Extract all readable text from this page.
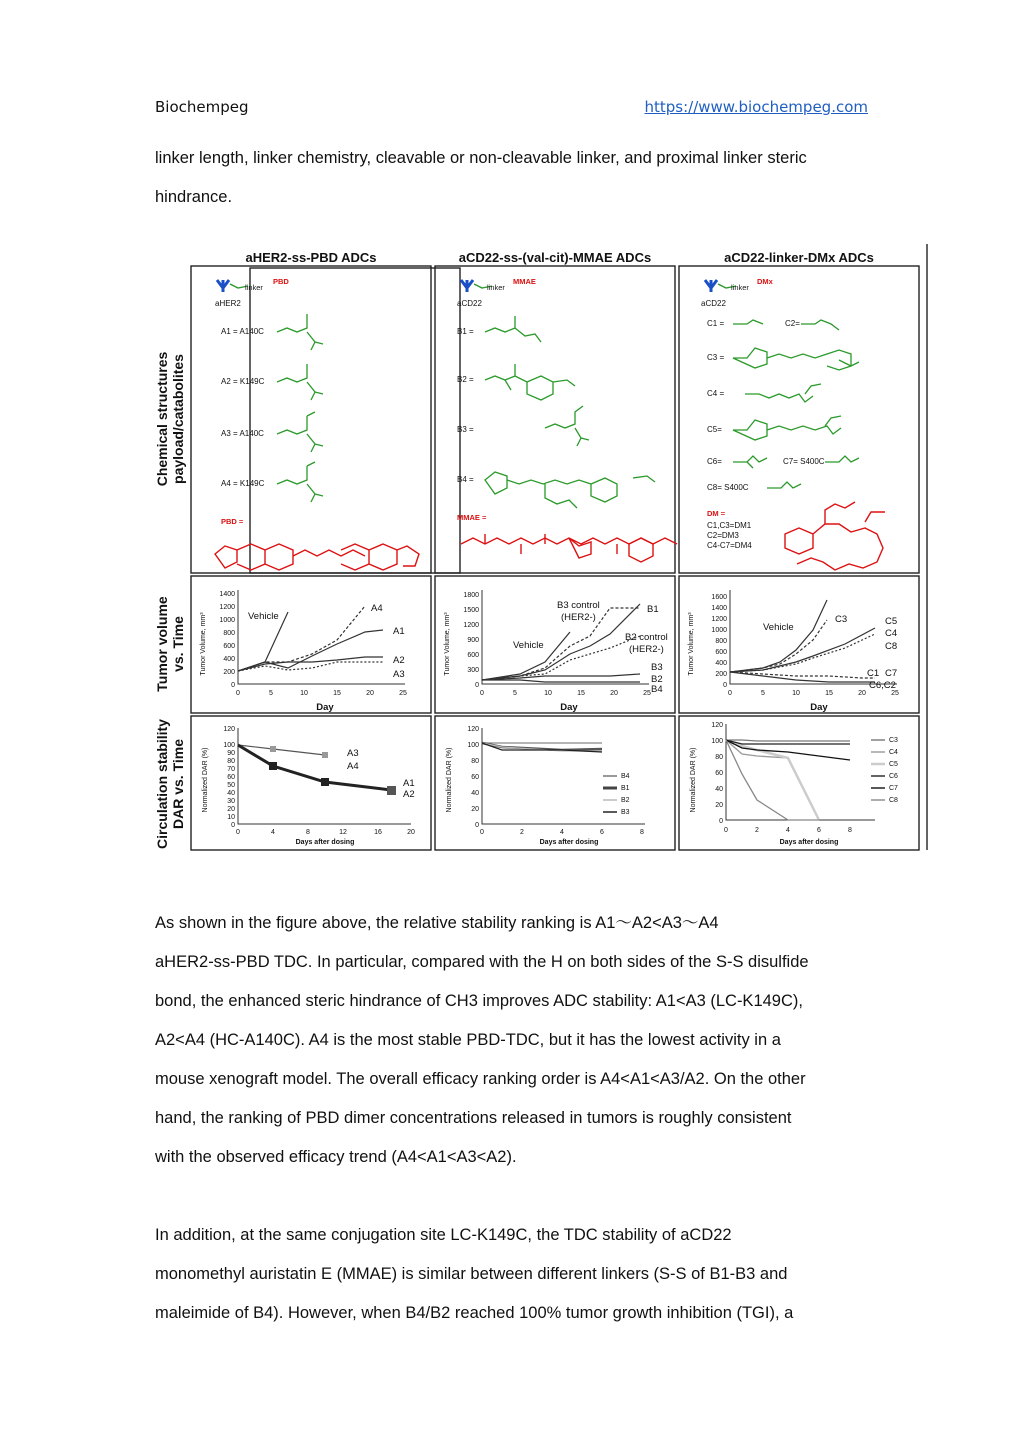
Biochempeg	https://www.biochempeg.com
linker length, linker chemistry, cleavable or non-cleavable linker, and proximal linker steric
hindrance.
aHER2-ss-PBD ADCs	aCD22-ss-(val-cit)-MMAE ADCs	aCD22-linker-DMx ADCs
Chemical structures payload/catabolites
Tumor volume vs. Time
Circulation stability DAR vs. Time
linker
PBD
aHER2
A1 = A140C
A2 = K149C
A3 = A140C
A4 = K149C
PBD =
linker
MMAE
aCD22
B1 =
B2 =
B3 =
B4 =
MMAE =
linker
DMx
aCD22
C1 =	C2=
C3 =
C4 =
C5=
C6=	C7= S400C
C8= S400C
DM =
C1,C3=DM1
C2=DM3
C4-C7=DM4
Tumor Volume, mm³
Day
0
200
400
600
800
1000
1200
1400
0	5	10	15	20	25
Vehicle
A4
A1
A2
A3	Tumor Volume, mm³
Day
0
300
600
900
1200
1500
1800
0	5	10	15	20	25
B3 control
(HER2-)
B1
Vehicle
B2 control
(HER2-)
B3
B2
B4
Tumor Volume, mm³
Day
0
200
400
600
800
1000
1200
1400
1600
0	5	10	15	20	25
C3
Vehicle
C5
C4
C8
C1 C7
C6,C2
Normalized DAR (%)
Days after dosing
0
10
20
30
40
50
60
70
80
90
100
120
0	4	8	12	16	20
A3
A4
A1
A2	Normalized DAR (%)
Days after dosing
0
20
40
60
80
100
120
0	2	4	6	8
B4
B1
B2
B3
Normalized DAR (%)
Days after dosing
0
20
40
60
80
100
120
0	2	4	6	8
C3
C4
C5
C6
C7
C8
As shown in the figure above, the relative stability ranking is A1～A2<A3～A4
aHER2-ss-PBD TDC. In particular, compared with the H on both sides of the S-S disulfide
bond, the enhanced steric hindrance of CH3 improves ADC stability: A1<A3 (LC-K149C),
A2<A4 (HC-A140C). A4 is the most stable PBD-TDC, but it has the lowest activity in a
mouse xenograft model. The overall efficacy ranking order is A4<A1<A3/A2. On the other
hand, the ranking of PBD dimer concentrations released in tumors is roughly consistent
with the observed efficacy trend (A4<A1<A3<A2).
In addition, at the same conjugation site LC-K149C, the TDC stability of aCD22
monomethyl auristatin E (MMAE) is similar between different linkers (S-S of B1-B3 and
maleimide of B4). However, when B4/B2 reached 100% tumor growth inhibition (TGI), a
